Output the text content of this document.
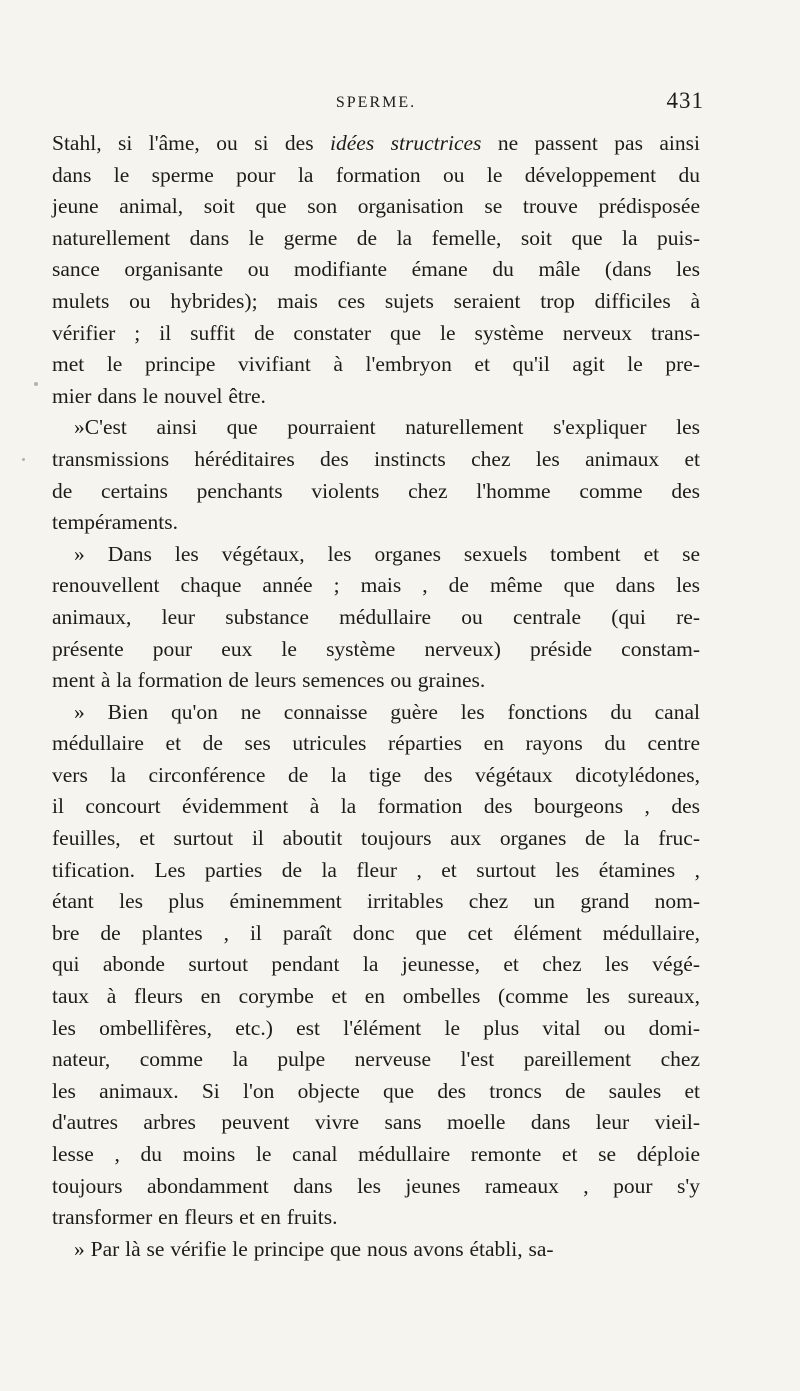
SPERME.	431

Stahl, si l'âme, ou si des idées structrices ne passent pas ainsi
dans le sperme pour la formation ou le développement du
jeune animal, soit que son organisation se trouve prédisposée
naturellement dans le germe de la femelle, soit que la puis-
sance organisante ou modifiante émane du mâle (dans les
mulets ou hybrides); mais ces sujets seraient trop difficiles à
vérifier ; il suffit de constater que le système nerveux trans-
met le principe vivifiant à l'embryon et qu'il agit le pre-
mier dans le nouvel être.

»C'est ainsi que pourraient naturellement s'expliquer les
transmissions héréditaires des instincts chez les animaux et
de certains penchants violents chez l'homme comme des
tempéraments.

» Dans les végétaux, les organes sexuels tombent et se
renouvellent chaque année ; mais , de même que dans les
animaux, leur substance médullaire ou centrale (qui re-
présente pour eux le système nerveux) préside constam-
ment à la formation de leurs semences ou graines.

» Bien qu'on ne connaisse guère les fonctions du canal
médullaire et de ses utricules réparties en rayons du centre
vers la circonférence de la tige des végétaux dicotylédones,
il concourt évidemment à la formation des bourgeons , des
feuilles, et surtout il aboutit toujours aux organes de la fruc-
tification. Les parties de la fleur , et surtout les étamines ,
étant les plus éminemment irritables chez un grand nom-
bre de plantes , il paraît donc que cet élément médullaire,
qui abonde surtout pendant la jeunesse, et chez les végé-
taux à fleurs en corymbe et en ombelles (comme les sureaux,
les ombellifères, etc.) est l'élément le plus vital ou domi-
nateur, comme la pulpe nerveuse l'est pareillement chez
les animaux. Si l'on objecte que des troncs de saules et
d'autres arbres peuvent vivre sans moelle dans leur vieil-
lesse , du moins le canal médullaire remonte et se déploie
toujours abondamment dans les jeunes rameaux , pour s'y
transformer en fleurs et en fruits.

» Par là se vérifie le principe que nous avons établi, sa-
